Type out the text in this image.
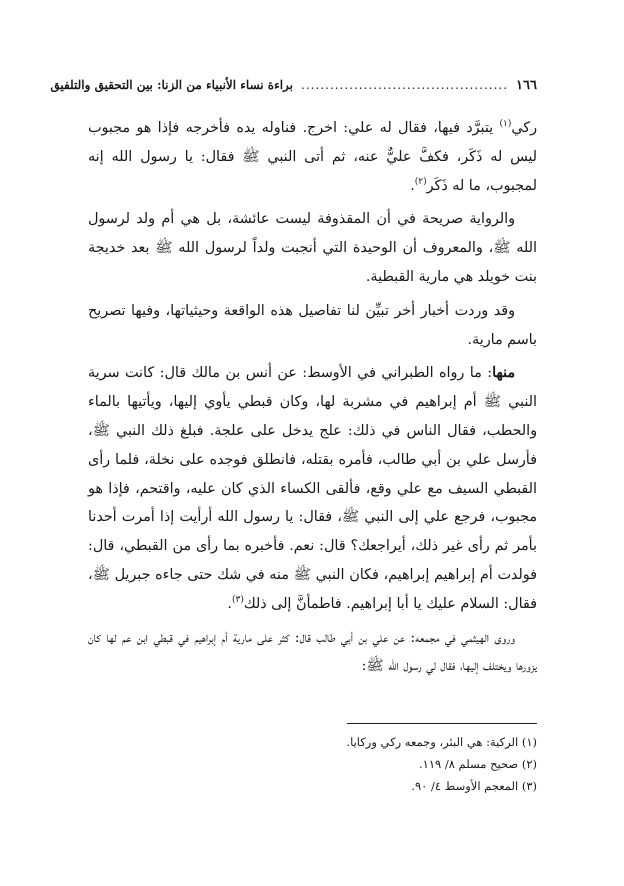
١٦٦
...........................................
براءة نساء الأنبياء من الزنا: بين التحقيق والتلفيق

ركي$^{(١)}$ يتبرَّد فيها، فقال له علي: اخرج. فناوله يده فأخرجه فإذا هو مجبوب ليس له ذَكَر، فكفَّ عليٌّ عنه، ثم أتى النبي ﷺ فقال: يا رسول الله إنه لمجبوب، ما له ذَكَر$^{(٢)}$.

والرواية صريحة في أن المقذوفة ليست عائشة، بل هي أم ولد لرسول الله ﷺ، والمعروف أن الوحيدة التي أنجبت ولداً لرسول الله ﷺ بعد خديجة بنت خويلد هي مارية القبطية.

وقد وردت أخبار أخر تبيِّن لنا تفاصيل هذه الواقعة وحيثياتها، وفيها تصريح باسم مارية.

منها: ما رواه الطبراني في الأوسط: عن أنس بن مالك قال: كانت سرية النبي ﷺ أم إبراهيم في مشربة لها، وكان قبطي يأوي إليها، ويأتيها بالماء والحطب، فقال الناس في ذلك: علج يدخل على علجة. فبلغ ذلك النبي ﷺ، فأرسل علي بن أبي طالب، فأمره بقتله، فانطلق فوجده على نخلة، فلما رأى القبطي السيف مع علي وقع، فألقى الكساء الذي كان عليه، واقتحم، فإذا هو مجبوب، فرجع علي إلى النبي ﷺ، فقال: يا رسول الله أرأيت إذا أمرت أحدنا بأمر ثم رأى غير ذلك، أيراجعك؟ قال: نعم. فأخبره بما رأى من القبطي، قال: فولدت أم إبراهيم إبراهيم، فكان النبي ﷺ منه في شك حتى جاءه جبريل ﷺ، فقال: السلام عليك يا أبا إبراهيم. فاطمأنَّ إلى ذلك$^{(٣)}$.

وروى الهيثمي في مجمعه: عن علي بن أبي طالب قال: كثر على مارية أم إبراهيم في قبطي ابن عم لها كان يزورها ويختلف إليها، فقال لي رسول الله ﷺ:

(١) الركية: هي البئر، وجمعه ركي وركايا.
(٢) صحيح مسلم ٨/ ١١٩.
(٣) المعجم الأوسط ٤/ ٩٠.
